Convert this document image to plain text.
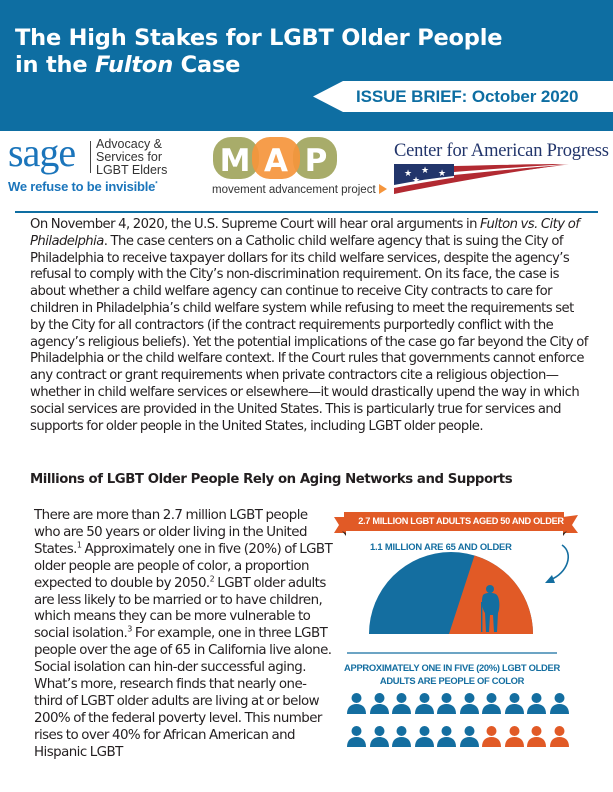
The High Stakes for LGBT Older People
in the Fulton Case
ISSUE BRIEF: October 2020
sage Advocacy &
Services for
LGBT Elders
We refuse to be invisible*
M A P
movement advancement project
Center for American Progress
★ ★ ★
★

On November 4, 2020, the U.S. Supreme Court will hear oral arguments in Fulton vs. City of Philadelphia. The case centers on a Catholic child welfare agency that is suing the City of Philadelphia to receive taxpayer dollars for its child welfare services, despite the agency’s refusal to comply with the City’s non-discrimination requirement. On its face, the case is about whether a child welfare agency can continue to receive City contracts to care for children in Philadelphia’s child welfare system while refusing to meet the requirements set by the City for all contractors (if the contract requirements purportedly conflict with the agency’s religious beliefs). Yet the potential implications of the case go far beyond the City of Philadelphia or the child welfare context. If the Court rules that governments cannot enforce any contract or grant requirements when private contractors cite a religious objection—whether in child welfare services or elsewhere—it would drastically upend the way in which social services are provided in the United States. This is particularly true for services and supports for older people in the United States, including LGBT older people.

Millions of LGBT Older People Rely on Aging Networks and Supports

There are more than 2.7 million LGBT people who are 50 years or older living in the United States.$^1$ Approximately one in five (20%) of LGBT older people are people of color, a proportion expected to double by 2050.$^2$ LGBT older adults are less likely to be married or to have children, which means they can be more vulnerable to social isolation.$^3$ For example, one in three LGBT people over the age of 65 in California live alone. Social isolation can hin-der successful aging. What’s more, research finds that nearly one-third of LGBT older adults are living at or below 200% of the federal poverty level. This number rises to over 40% for African American and Hispanic LGBT

2.7 MILLION LGBT ADULTS AGED 50 AND OLDER
1.1 MILLION ARE 65 AND OLDER
APPROXIMATELY ONE IN FIVE (20%) LGBT OLDER ADULTS ARE PEOPLE OF COLOR
